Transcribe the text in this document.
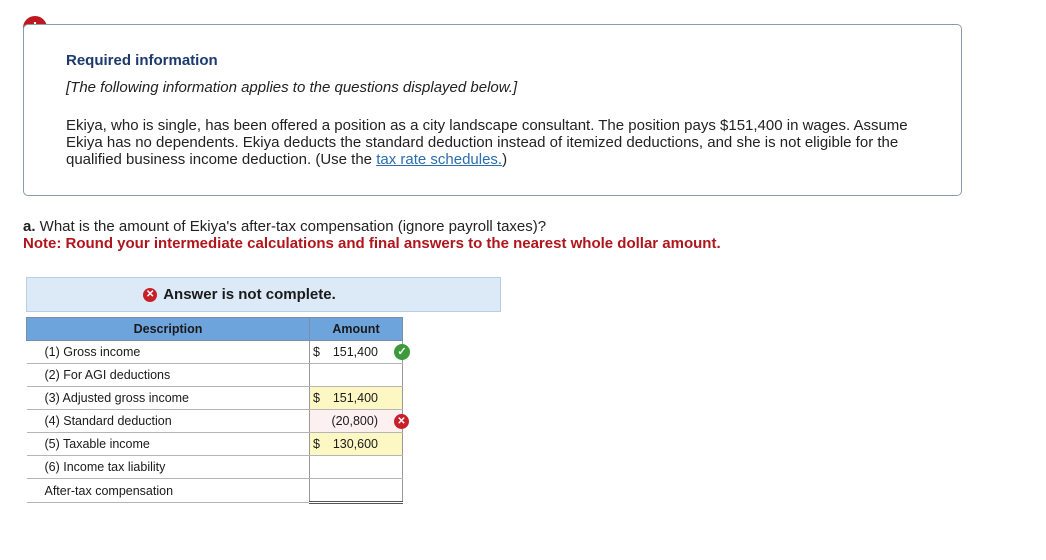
Required information
[The following information applies to the questions displayed below.]
Ekiya, who is single, has been offered a position as a city landscape consultant. The position pays $151,400 in wages. Assume Ekiya has no dependents. Ekiya deducts the standard deduction instead of itemized deductions, and she is not eligible for the qualified business income deduction. (Use the tax rate schedules.)
a. What is the amount of Ekiya's after-tax compensation (ignore payroll taxes)?
Note: Round your intermediate calculations and final answers to the nearest whole dollar amount.
✕ Answer is not complete.
Description	Amount
(1) Gross income	$ 151,400 ✓

(2) For AGI deductions	

(3) Adjusted gross income	$ 151,400

(4) Standard deduction	(20,800) ✕

(5) Taxable income	$ 130,600

(6) Income tax liability	

After-tax compensation	
